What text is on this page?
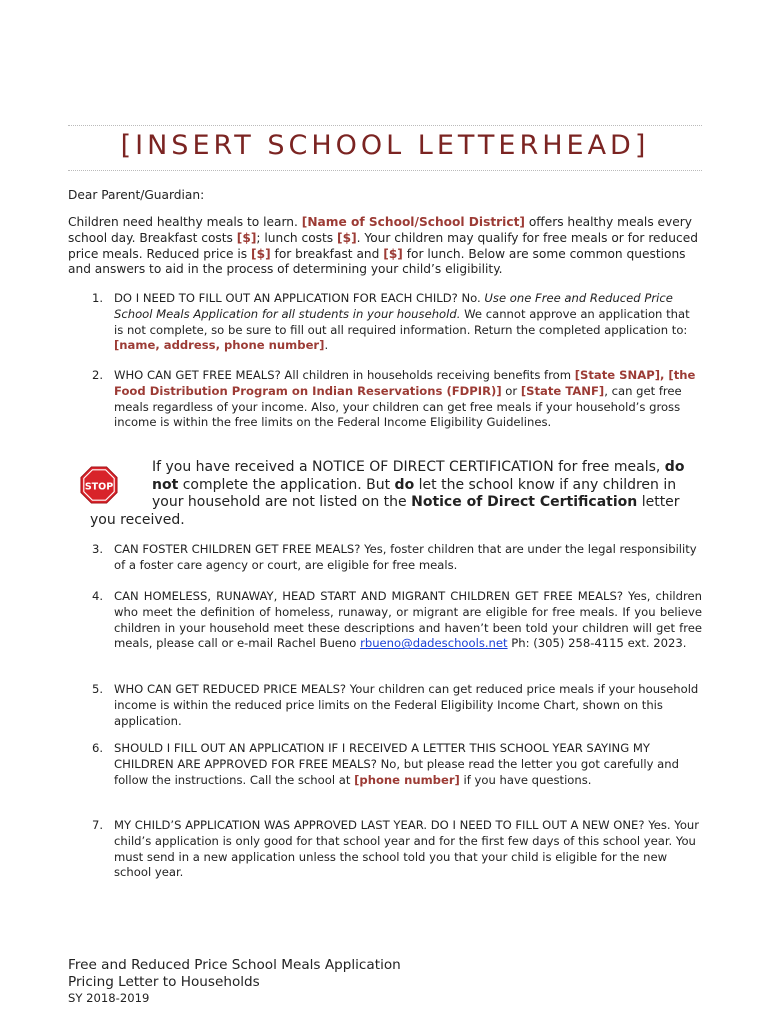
[INSERT SCHOOL LETTERHEAD]
Dear Parent/Guardian:

Children need healthy meals to learn. [Name of School/School District] offers healthy meals every school day. Breakfast costs [$]; lunch costs [$]. Your children may qualify for free meals or for reduced price meals. Reduced price is [$] for breakfast and [$] for lunch. Below are some common questions and answers to aid in the process of determining your child’s eligibility.

1. DO I NEED TO FILL OUT AN APPLICATION FOR EACH CHILD? No. Use one Free and Reduced Price School Meals Application for all students in your household. We cannot approve an application that is not complete, so be sure to fill out all required information. Return the completed application to: [name, address, phone number].
2. WHO CAN GET FREE MEALS? All children in households receiving benefits from [State SNAP], [the Food Distribution Program on Indian Reservations (FDPIR)] or [State TANF], can get free meals regardless of your income. Also, your children can get free meals if your household’s gross income is within the free limits on the Federal Income Eligibility Guidelines.
STOP
If you have received a NOTICE OF DIRECT CERTIFICATION for free meals, do not complete the application. But do let the school know if any children in your household are not listed on the Notice of Direct Certification letter
you received.
3. CAN FOSTER CHILDREN GET FREE MEALS? Yes, foster children that are under the legal responsibility of a foster care agency or court, are eligible for free meals.
4. CAN HOMELESS, RUNAWAY, HEAD START AND MIGRANT CHILDREN GET FREE MEALS? Yes, children who meet the definition of homeless, runaway, or migrant are eligible for free meals. If you believe children in your household meet these descriptions and haven’t been told your children will get free meals, please call or e-mail Rachel Bueno rbueno@dadeschools.net Ph: (305) 258-4115 ext. 2023.
5. WHO CAN GET REDUCED PRICE MEALS? Your children can get reduced price meals if your household income is within the reduced price limits on the Federal Eligibility Income Chart, shown on this application.
6. SHOULD I FILL OUT AN APPLICATION IF I RECEIVED A LETTER THIS SCHOOL YEAR SAYING MY CHILDREN ARE APPROVED FOR FREE MEALS? No, but please read the letter you got carefully and follow the instructions. Call the school at [phone number] if you have questions.
7. MY CHILD’S APPLICATION WAS APPROVED LAST YEAR. DO I NEED TO FILL OUT A NEW ONE? Yes. Your child’s application is only good for that school year and for the first few days of this school year. You must send in a new application unless the school told you that your child is eligible for the new school year.
Free and Reduced Price School Meals Application
Pricing Letter to Households
SY 2018-2019
